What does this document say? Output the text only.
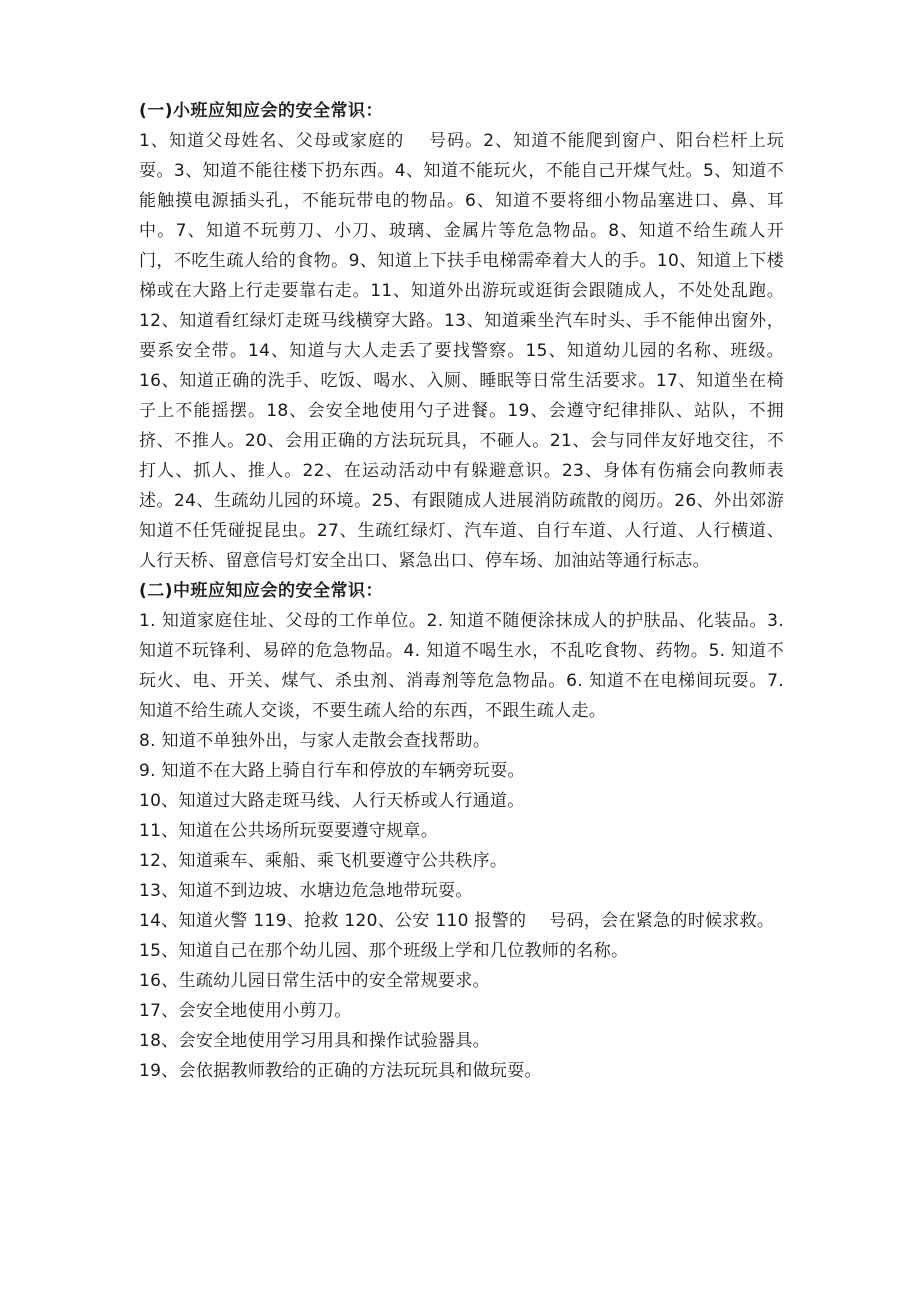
(一)小班应知应会的安全常识：

1、知道父母姓名、父母或家庭的　 号码。2、知道不能爬到窗户、阳台栏杆上玩耍。3、知道不能往楼下扔东西。4、知道不能玩火，不能自己开煤气灶。5、知道不能触摸电源插头孔，不能玩带电的物品。6、知道不要将细小物品塞进口、鼻、耳中。7、知道不玩剪刀、小刀、玻璃、金属片等危急物品。8、知道不给生疏人开门，不吃生疏人给的食物。9、知道上下扶手电梯需牵着大人的手。10、知道上下楼梯或在大路上行走要靠右走。11、知道外出游玩或逛街会跟随成人，不处处乱跑。12、知道看红绿灯走斑马线横穿大路。13、知道乘坐汽车时头、手不能伸出窗外，要系安全带。14、知道与大人走丢了要找警察。15、知道幼儿园的名称、班级。16、知道正确的洗手、吃饭、喝水、入厕、睡眠等日常生活要求。17、知道坐在椅子上不能摇摆。18、会安全地使用勺子进餐。19、会遵守纪律排队、站队，不拥挤、不推人。20、会用正确的方法玩玩具，不砸人。21、会与同伴友好地交往，不打人、抓人、推人。22、在运动活动中有躲避意识。23、身体有伤痛会向教师表述。24、生疏幼儿园的环境。25、有跟随成人进展消防疏散的阅历。26、外出郊游知道不任凭碰捉昆虫。27、生疏红绿灯、汽车道、自行车道、人行道、人行横道、人行天桥、留意信号灯安全出口、紧急出口、停车场、加油站等通行标志。

(二)中班应知应会的安全常识：

1. 知道家庭住址、父母的工作单位。2. 知道不随便涂抹成人的护肤品、化装品。3. 知道不玩锋利、易碎的危急物品。4. 知道不喝生水，不乱吃食物、药物。5. 知道不玩火、电、开关、煤气、杀虫剂、消毒剂等危急物品。6. 知道不在电梯间玩耍。7. 知道不给生疏人交谈，不要生疏人给的东西，不跟生疏人走。

8. 知道不单独外出，与家人走散会查找帮助。

9. 知道不在大路上骑自行车和停放的车辆旁玩耍。

10、知道过大路走斑马线、人行天桥或人行通道。

11、知道在公共场所玩耍要遵守规章。

12、知道乘车、乘船、乘飞机要遵守公共秩序。

13、知道不到边坡、水塘边危急地带玩耍。

14、知道火警 119、抢救 120、公安 110 报警的　 号码，会在紧急的时候求救。

15、知道自己在那个幼儿园、那个班级上学和几位教师的名称。

16、生疏幼儿园日常生活中的安全常规要求。

17、会安全地使用小剪刀。

18、会安全地使用学习用具和操作试验器具。

19、会依据教师教给的正确的方法玩玩具和做玩耍。
